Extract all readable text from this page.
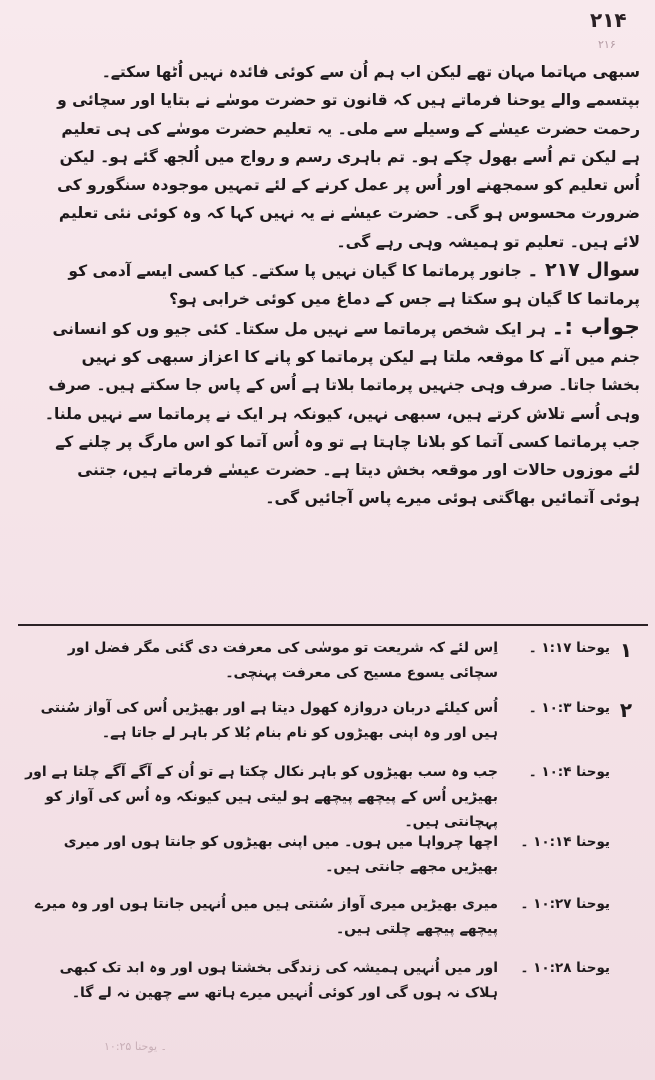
۲۱۴
۲۱۶

سبھی مہاتما مہان تھے لیکن اب ہم اُن سے کوئی فائدہ نہیں اُٹھا سکتے۔

بپتسمے والے یوحنا فرماتے ہیں کہ قانون تو حضرت موسٰے نے بتایا اور سچائی و رحمت حضرت عیسٰے کے وسیلے سے ملی۔ یہ تعلیم حضرت موسٰے کی ہی تعلیم ہے لیکن تم اُسے بھول چکے ہو۔ تم باہری رسم و رواج میں اُلجھ گئے ہو۔ لیکن اُس تعلیم کو سمجھنے اور اُس پر عمل کرنے کے لئے تمہیں موجودہ سنگورو کی ضرورت محسوس ہو گی۔ حضرت عیسٰے نے یہ نہیں کہا کہ وہ کوئی نئی تعلیم لائے ہیں۔ تعلیم تو ہمیشہ وہی رہے گی۔

سوال ۲۱۷ ۔ جانور پرماتما کا گیان نہیں پا سکتے۔ کیا کسی ایسے آدمی کو پرماتما کا گیان ہو سکتا ہے جس کے دماغ میں کوئی خرابی ہو؟

جواب :۔ ہر ایک شخص پرماتما سے نہیں مل سکتا۔ کئی جیو وں کو انسانی جنم میں آنے کا موقعہ ملتا ہے لیکن پرماتما کو پانے کا اعزاز سبھی کو نہیں بخشا جاتا۔ صرف وہی جنہیں پرماتما بلاتا ہے اُس کے پاس جا سکتے ہیں۔ صرف وہی اُسے تلاش کرتے ہیں، سبھی نہیں، کیونکہ ہر ایک نے پرماتما سے نہیں ملنا۔

جب پرماتما کسی آتما کو بلانا چاہتا ہے تو وہ اُس آتما کو اس مارگ پر چلنے کے لئے موزوں حالات اور موقعہ بخش دیتا ہے۔ حضرت عیسٰے فرماتے ہیں، جتنی ہوئی آتمائیں بھاگتی ہوئی میرے پاس آجائیں گی۔

۱
یوحنا ۱:۱۷ ۔
اِس لئے کہ شریعت تو موسٰی کی معرفت دی گئی مگر فضل اور سچائی یسوع مسیح کی معرفت پہنچی۔
۲
یوحنا ۱۰:۳ ۔
اُس کیلئے دربان دروازہ کھول دیتا ہے اور بھیڑیں اُس کی آواز سُنتی ہیں اور وہ اپنی بھیڑوں کو نام بنام بُلا کر باہر لے جاتا ہے۔
یوحنا ۱۰:۴ ۔
جب وہ سب بھیڑوں کو باہر نکال چکتا ہے تو اُن کے آگے آگے چلتا ہے اور بھیڑیں اُس کے پیچھے پیچھے ہو لیتی ہیں کیونکہ وہ اُس کی آواز کو پہچانتی ہیں۔
یوحنا ۱۰:۱۴ ۔
اچھا چرواہا میں ہوں۔ میں اپنی بھیڑوں کو جانتا ہوں اور میری بھیڑیں مجھے جانتی ہیں۔
یوحنا ۱۰:۲۷ ۔
میری بھیڑیں میری آواز سُنتی ہیں میں اُنہیں جانتا ہوں اور وہ میرے پیچھے پیچھے چلتی ہیں۔
یوحنا ۱۰:۲۸ ۔
اور میں اُنہیں ہمیشہ کی زندگی بخشتا ہوں اور وہ ابد تک کبھی ہلاک نہ ہوں گی اور کوئی اُنہیں میرے ہاتھ سے چھین نہ لے گا۔
۱۰:۲۵ ۔ یوحنا
